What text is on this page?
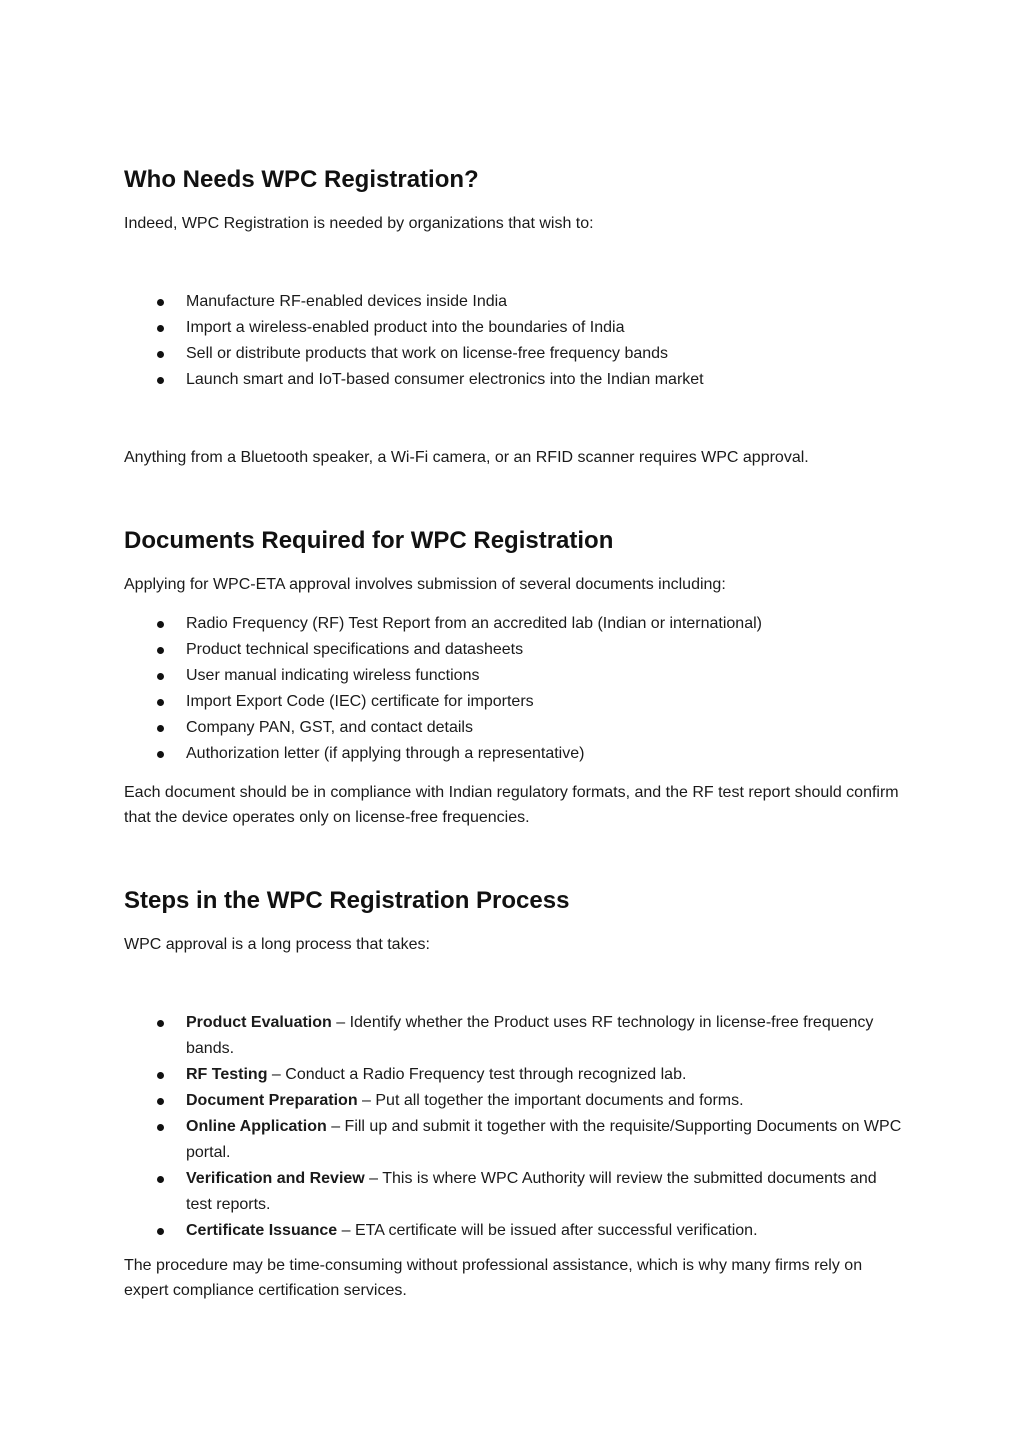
Who Needs WPC Registration?

Indeed, WPC Registration is needed by organizations that wish to:

Manufacture RF-enabled devices inside India
Import a wireless-enabled product into the boundaries of India
Sell or distribute products that work on license-free frequency bands
Launch smart and IoT-based consumer electronics into the Indian market

Anything from a Bluetooth speaker, a Wi-Fi camera, or an RFID scanner requires WPC approval.

Documents Required for WPC Registration

Applying for WPC-ETA approval involves submission of several documents including:

Radio Frequency (RF) Test Report from an accredited lab (Indian or international)
Product technical specifications and datasheets
User manual indicating wireless functions
Import Export Code (IEC) certificate for importers
Company PAN, GST, and contact details
Authorization letter (if applying through a representative)

Each document should be in compliance with Indian regulatory formats, and the RF test report should confirm that the device operates only on license-free frequencies.

Steps in the WPC Registration Process

WPC approval is a long process that takes:

Product Evaluation – Identify whether the Product uses RF technology in license-free frequency bands.
RF Testing – Conduct a Radio Frequency test through recognized lab.
Document Preparation – Put all together the important documents and forms.
Online Application – Fill up and submit it together with the requisite/Supporting Documents on WPC portal.
Verification and Review – This is where WPC Authority will review the submitted documents and test reports.
Certificate Issuance – ETA certificate will be issued after successful verification.

The procedure may be time-consuming without professional assistance, which is why many firms rely on expert compliance certification services.
